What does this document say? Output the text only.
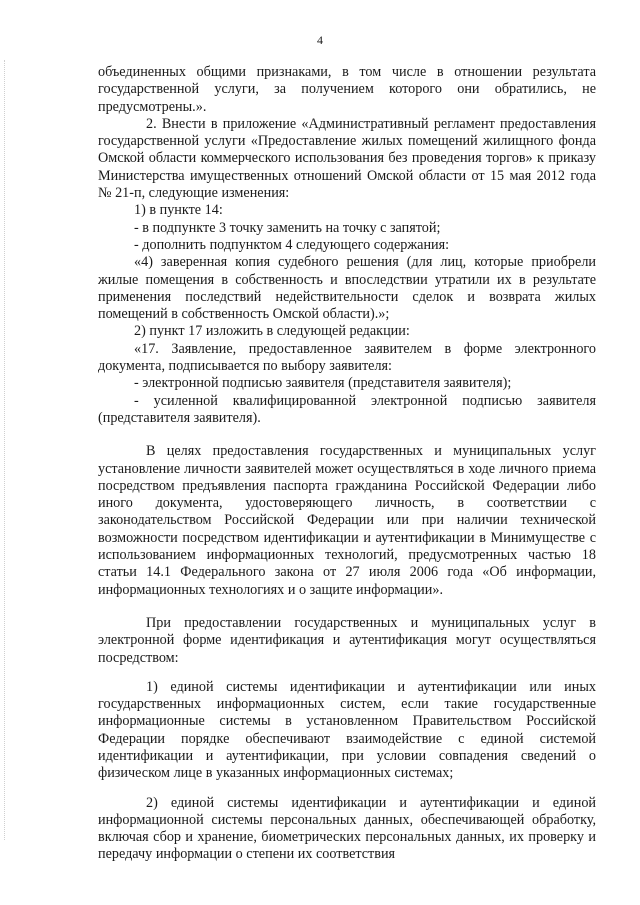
4

объединенных общими признаками, в том числе в отношении результата государственной услуги, за получением которого они обратились, не предусмотрены.».

2. Внести в приложение «Административный регламент предоставления государственной услуги «Предоставление жилых помещений жилищного фонда Омской области коммерческого использования без проведения торгов» к приказу Министерства имущественных отношений Омской области от 15 мая 2012 года № 21-п, следующие изменения:

1) в пункте 14:

- в подпункте 3 точку заменить на точку с запятой;

- дополнить подпунктом 4 следующего содержания:

«4) заверенная копия судебного решения (для лиц, которые приобрели жилые помещения в собственность и впоследствии утратили их в результате применения последствий недействительности сделок и возврата жилых помещений в собственность Омской области).»;

2) пункт 17 изложить в следующей редакции:

«17. Заявление, предоставленное заявителем в форме электронного документа, подписывается по выбору заявителя:

- электронной подписью заявителя (представителя заявителя);

- усиленной квалифицированной электронной подписью заявителя (представителя заявителя).

В целях предоставления государственных и муниципальных услуг установление личности заявителей может осуществляться в ходе личного приема посредством предъявления паспорта гражданина Российской Федерации либо иного документа, удостоверяющего личность, в соответствии с законодательством Российской Федерации или при наличии технической возможности посредством идентификации и аутентификации в Минимуществе с использованием информационных технологий, предусмотренных частью 18 статьи 14.1 Федерального закона от 27 июля 2006 года «Об информации, информационных технологиях и о защите информации».

При предоставлении государственных и муниципальных услуг в электронной форме идентификация и аутентификация могут осуществляться посредством:

1) единой системы идентификации и аутентификации или иных государственных информационных систем, если такие государственные информационные системы в установленном Правительством Российской Федерации порядке обеспечивают взаимодействие с единой системой идентификации и аутентификации, при условии совпадения сведений о физическом лице в указанных информационных системах;

2) единой системы идентификации и аутентификации и единой информационной системы персональных данных, обеспечивающей обработку, включая сбор и хранение, биометрических персональных данных, их проверку и передачу информации о степени их соответствия
